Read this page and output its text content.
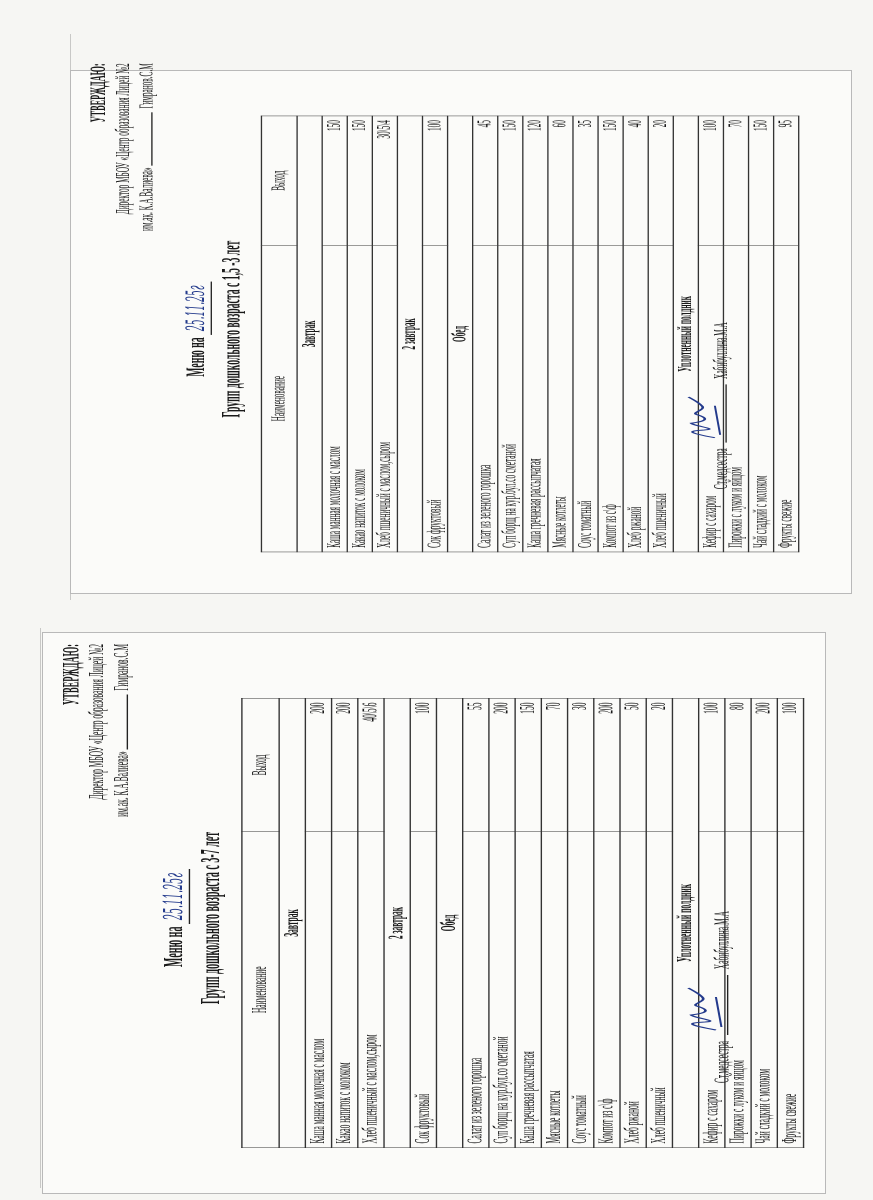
УТВЕРЖДАЮ: Директор МБОУ «Центр образования Лицей №2 им.ак. К.А.Валиева»  Гимранов.С.М
Меню на 25.11.25г Групп дошкольного возраста с 1,5 -3 лет Наименование	Выход
Завтрак	
Каша манная молочная с маслом	150
Какао напиток с молоком	150
Хлеб пшеничный с маслом,сыром	30\5\4
2 завтрак	
Сок фруктовый	100
Обед	
Салат из зеленого горошка	45
Суп борщ на кур.бул.со сметаной	150
Каша гречневая рассыпчатая	120
Мясные котлеты	60
Соус томатный	35
Компот из с\ф	150
Хлеб ржаной	40
Хлеб пшеничный	20
Уплотненный полдник	
Кефир с сахаром	100
Пирожки с луком и яйцом	70
Чай сладкий с молоком	150
Фрукты свежие	95
Ст.медсестра
Хабибуллина.М.А
УТВЕРЖДАЮ: Директор МБОУ «Центр образования Лицей №2 им.ак. К.А.Валиева»  Гимранов.С.М
Меню на 25.11.25г Групп дошкольного возраста с 3-7 лет Наименование	Выход
Завтрак	
Каша манная молочная с маслом	200
Какао напиток с молоком	200
Хлеб пшеничный с маслом,сыром	40\5\6
2 завтрак	
Сок фруктовый	100
Обед	
Салат из зеленого горошка	55
Суп борщ на кур.бул.со сметаной	200
Каша гречневая рассыпчатая	150
Мясные котлеты	70
Соус томатный	30
Компот из с\ф	200
Хлеб ржаной	50
Хлеб пшеничный	20
Уплотненный полдник	
Кефир с сахаром	100
Пирожки с луком и яйцом	80
Чай сладкий с молоком	200
Фрукты свежие	100
Ст.медсестра
Хабибуллина.М.А
